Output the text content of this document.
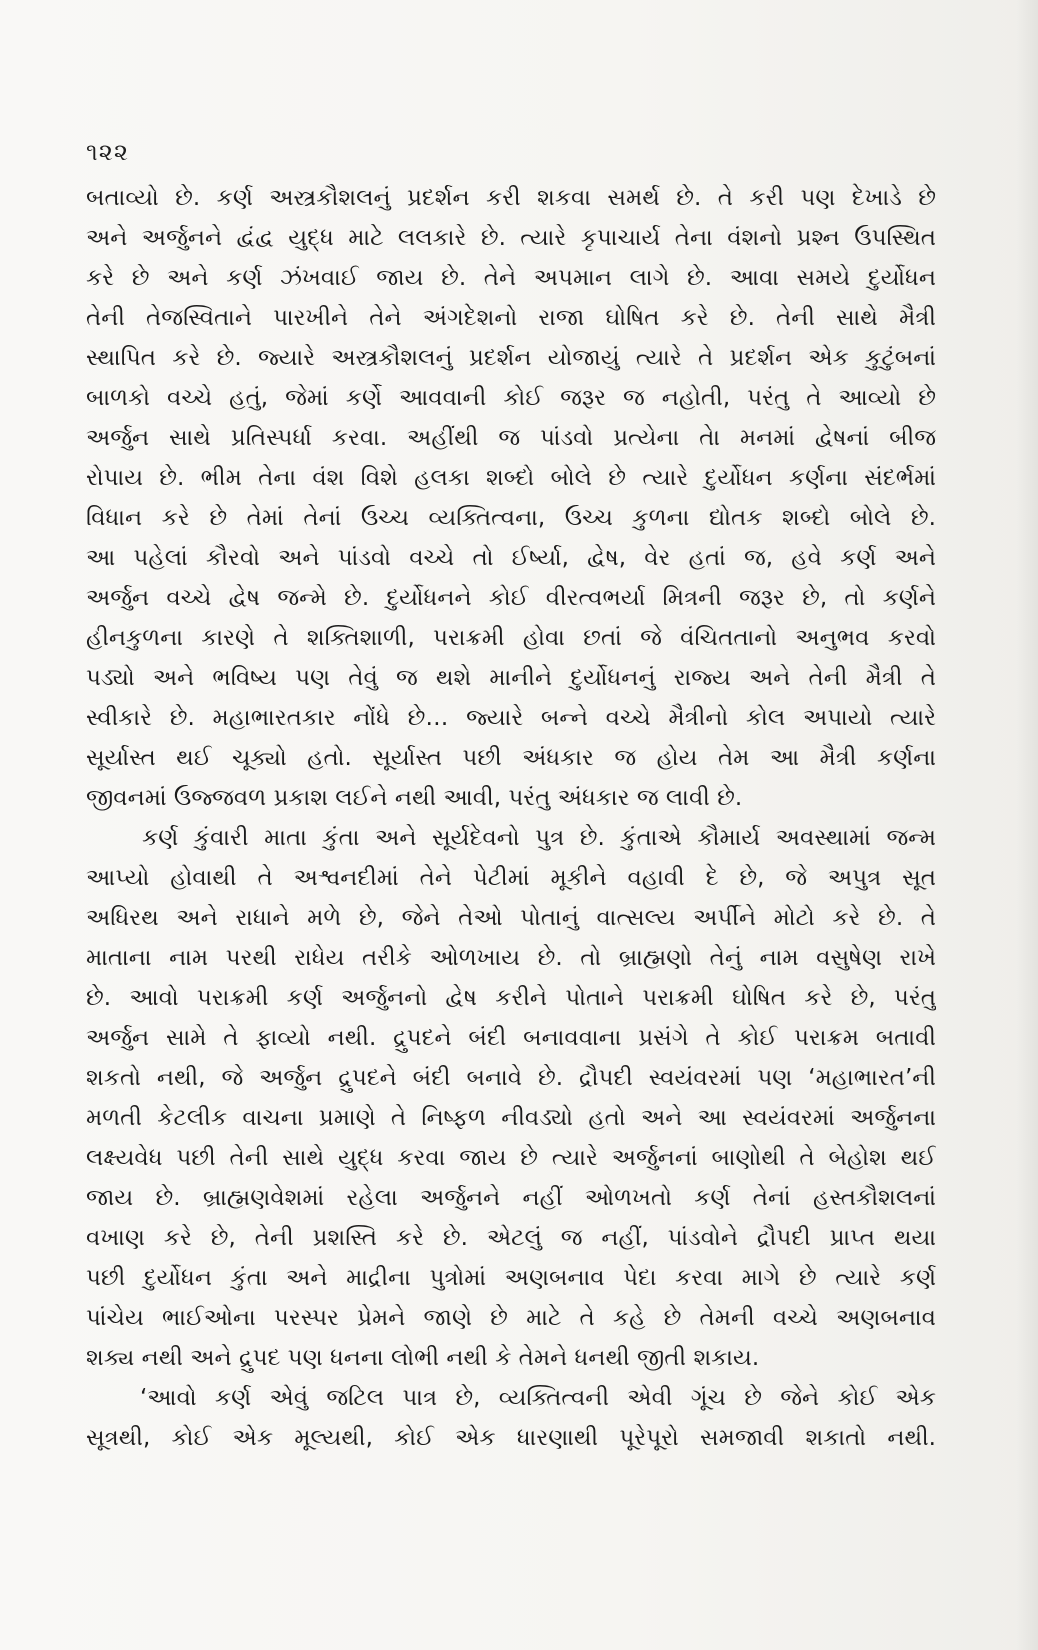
૧૨૨
બતાવ્યો છે. કર્ણ અસ્ત્રકૌશલનું પ્રદર્શન કરી શકવા સમર્થ છે. તે કરી પણ દેખાડે છે
અને અર્જુનને દ્વંદ્વ યુદ્ધ માટે લલકારે છે. ત્યારે કૃપાચાર્ય તેના વંશનો પ્રશ્ન ઉપસ્થિત
કરે છે અને કર્ણ ઝંખવાઈ જાય છે. તેને અપમાન લાગે છે. આવા સમયે દુર્યોધન
તેની તેજસ્વિતાને પારખીને તેને અંગદેશનો રાજા ઘોષિત કરે છે. તેની સાથે મૈત્રી
સ્થાપિત કરે છે. જ્યારે અસ્ત્રકૌશલનું પ્રદર્શન યોજાયું ત્યારે તે પ્રદર્શન એક કુટુંબનાં
બાળકો વચ્ચે હતું, જેમાં કર્ણે આવવાની કોઈ જરૂર જ નહોતી, પરંતુ તે આવ્યો છે
અર્જુન સાથે પ્રતિસ્પર્ધા કરવા. અહીંથી જ પાંડવો પ્રત્યેના તેા મનમાં દ્વેષનાં બીજ
રોપાય છે. ભીમ તેના વંશ વિશે હલકા શબ્દો બોલે છે ત્યારે દુર્યોધન કર્ણના સંદર્ભમાં
વિધાન કરે છે તેમાં તેનાં ઉચ્ચ વ્યક્તિત્વના, ઉચ્ચ કુળના દ્યોતક શબ્દો બોલે છે.
આ પહેલાં કૌરવો અને પાંડવો વચ્ચે તો ઈર્ષ્યા, દ્વેષ, વેર હતાં જ, હવે કર્ણ અને
અર્જુન વચ્ચે દ્વેષ જન્મે છે. દુર્યોધનને કોઈ વીરત્વભર્યા મિત્રની જરૂર છે, તો કર્ણને
હીનકુળના કારણે તે શક્તિશાળી, પરાક્રમી હોવા છતાં જે વંચિતતાનો અનુભવ કરવો
પડ્યો અને ભવિષ્ય પણ તેવું જ થશે માનીને દુર્યોધનનું રાજ્ય અને તેની મૈત્રી તે
સ્વીકારે છે. મહાભારતકાર નોંધે છે… જ્યારે બન્ને વચ્ચે મૈત્રીનો કોલ અપાયો ત્યારે
સૂર્યાસ્ત થઈ ચૂક્યો હતો. સૂર્યાસ્ત પછી અંધકાર જ હોય તેમ આ મૈત્રી કર્ણના
જીવનમાં ઉજ્જવળ પ્રકાશ લઈને નથી આવી, પરંતુ અંધકાર જ લાવી છે.
કર્ણ કુંવારી માતા કુંતા અને સૂર્યદેવનો પુત્ર છે. કુંતાએ કૌમાર્ય અવસ્થામાં જન્મ
આપ્યો હોવાથી તે અશ્વનદીમાં તેને પેટીમાં મૂકીને વહાવી દે છે, જે અપુત્ર સૂત
અધિરથ અને રાધાને મળે છે, જેને તેઓ પોતાનું વાત્સલ્ય અર્પીને મોટો કરે છે. તે
માતાના નામ પરથી રાધેય તરીકે ઓળખાય છે. તો બ્રાહ્મણો તેનું નામ વસુષેણ રાખે
છે. આવો પરાક્રમી કર્ણ અર્જુનનો દ્વેષ કરીને પોતાને પરાક્રમી ઘોષિત કરે છે, પરંતુ
અર્જુન સામે તે ફાવ્યો નથી. દ્રુપદને બંદી બનાવવાના પ્રસંગે તે કોઈ પરાક્રમ બતાવી
શકતો નથી, જે અર્જુન દ્રુપદને બંદી બનાવે છે. દ્રૌપદી સ્વયંવરમાં પણ ‘મહાભારત’ની
મળતી કેટલીક વાચના પ્રમાણે તે નિષ્ફળ નીવડ્યો હતો અને આ સ્વયંવરમાં અર્જુનના
લક્ષ્યવેધ પછી તેની સાથે યુદ્ધ કરવા જાય છે ત્યારે અર્જુનનાં બાણોથી તે બેહોશ થઈ
જાય છે. બ્રાહ્મણવેશમાં રહેલા અર્જુનને નહીં ઓળખતો કર્ણ તેનાં હસ્તકૌશલનાં
વખાણ કરે છે, તેની પ્રશસ્તિ કરે છે. એટલું જ નહીં, પાંડવોને દ્રૌપદી પ્રાપ્ત થયા
પછી દુર્યોધન કુંતા અને માદ્રીના પુત્રોમાં અણબનાવ પેદા કરવા માગે છે ત્યારે કર્ણ
પાંચેય ભાઈઓના પરસ્પર પ્રેમને જાણે છે માટે તે કહે છે તેમની વચ્ચે અણબનાવ
શક્ય નથી અને દ્રુપદ પણ ધનના લોભી નથી કે તેમને ધનથી જીતી શકાય.
‘આવો કર્ણ એવું જટિલ પાત્ર છે, વ્યક્તિત્વની એવી ગૂંચ છે જેને કોઈ એક
સૂત્રથી, કોઈ એક મૂલ્યથી, કોઈ એક ધારણાથી પૂરેપૂરો સમજાવી શકાતો નથી.
